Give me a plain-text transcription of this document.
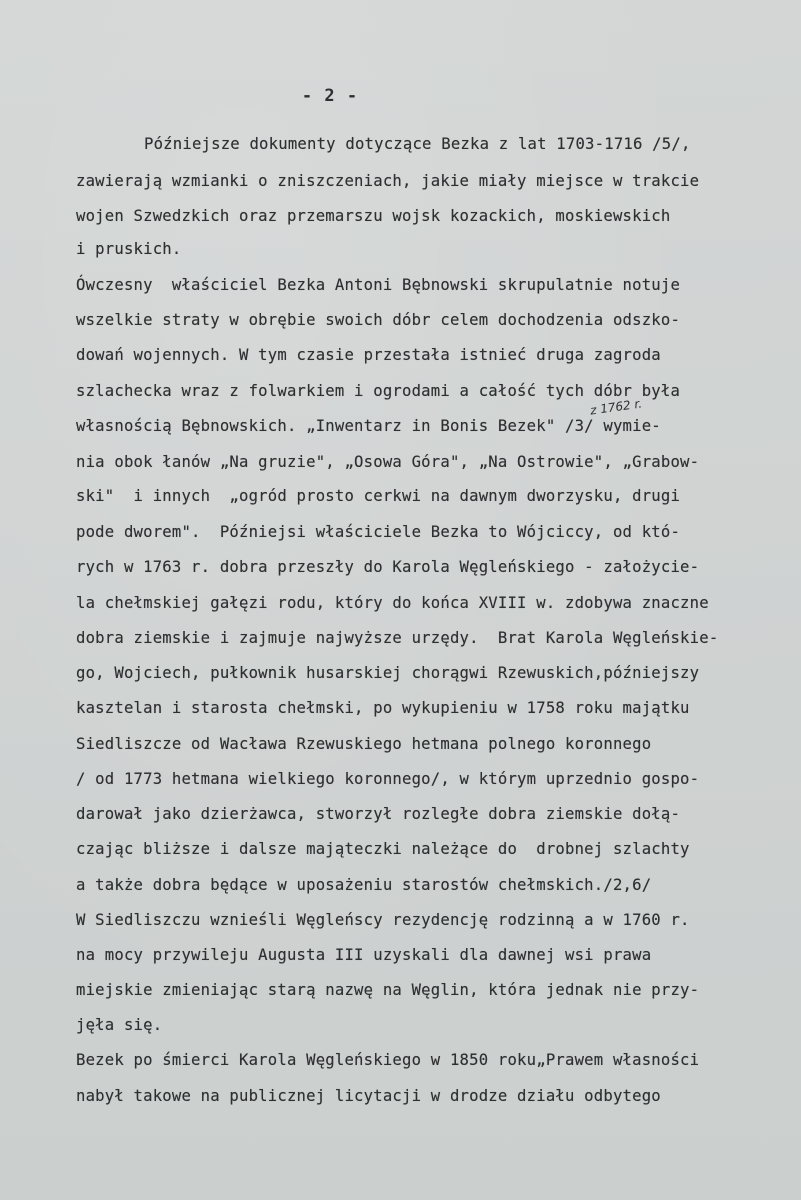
- 2 -
z 1762 r.
Późniejsze dokumenty dotyczące Bezka z lat 1703-1716 /5/,
zawierają wzmianki o zniszczeniach, jakie miały miejsce w trakcie
wojen Szwedzkich oraz przemarszu wojsk kozackich, moskiewskich
i pruskich.
Ówczesny  właściciel Bezka Antoni Bębnowski skrupulatnie notuje
wszelkie straty w obrębie swoich dóbr celem dochodzenia odszko-
dowań wojennych. W tym czasie przestała istnieć druga zagroda
szlachecka wraz z folwarkiem i ogrodami a całość tych dóbr była
własnością Bębnowskich. „Inwentarz in Bonis Bezek" /3/ wymie-
nia obok łanów „Na gruzie", „Osowa Góra", „Na Ostrowie", „Grabow-
ski"  i innych  „ogród prosto cerkwi na dawnym dworzysku, drugi
pode dworem".  Późniejsi właściciele Bezka to Wójciccy, od któ-
rych w 1763 r. dobra przeszły do Karola Węgleńskiego - założycie-
la chełmskiej gałęzi rodu, który do końca XVIII w. zdobywa znaczne
dobra ziemskie i zajmuje najwyższe urzędy.  Brat Karola Węgleńskie-
go, Wojciech, pułkownik husarskiej chorągwi Rzewuskich,późniejszy
kasztelan i starosta chełmski, po wykupieniu w 1758 roku majątku
Siedliszcze od Wacława Rzewuskiego hetmana polnego koronnego
/ od 1773 hetmana wielkiego koronnego/, w którym uprzednio gospo-
darował jako dzierżawca, stworzył rozległe dobra ziemskie dołą-
czając bliższe i dalsze mająteczki należące do  drobnej szlachty
a także dobra będące w uposażeniu starostów chełmskich./2,6/
W Siedliszczu wznieśli Węgleńscy rezydencję rodzinną a w 1760 r.
na mocy przywileju Augusta III uzyskali dla dawnej wsi prawa
miejskie zmieniając starą nazwę na Węglin, która jednak nie przy-
jęła się.
Bezek po śmierci Karola Węgleńskiego w 1850 roku„Prawem własności
nabył takowe na publicznej licytacji w drodze działu odbytego
